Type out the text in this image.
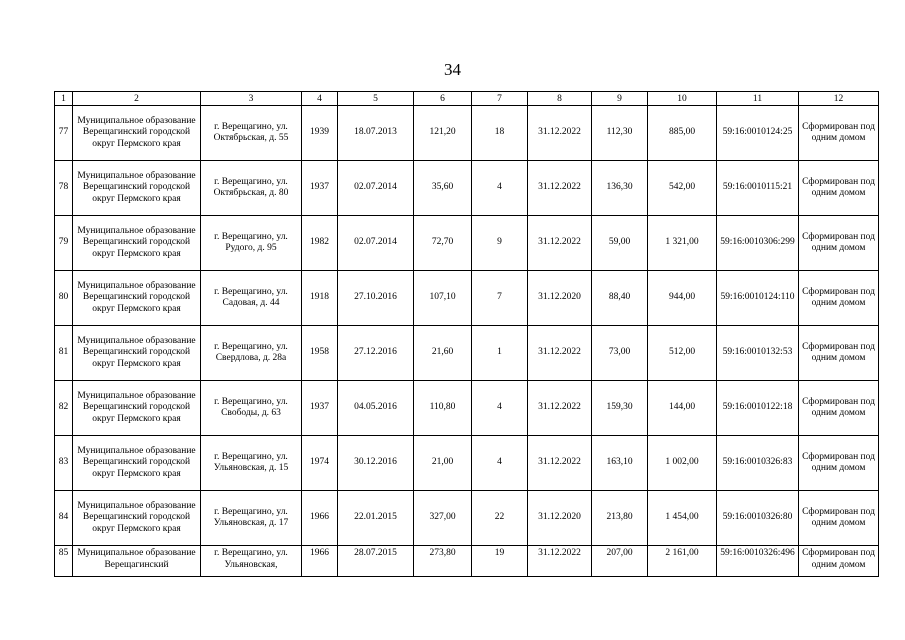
34
1	2	3	4	5	6	7	8	9	10	11	12
77	Муниципальное образование Верещагинский городской округ Пермского края	г. Верещагино, ул. Октябрьская, д. 55	1939	18.07.2013	121,20	18	31.12.2022	112,30	885,00	59:16:0010124:25	Сформирован под одним домом
78	Муниципальное образование Верещагинский городской округ Пермского края	г. Верещагино, ул. Октябрьская, д. 80	1937	02.07.2014	35,60	4	31.12.2022	136,30	542,00	59:16:0010115:21	Сформирован под одним домом
79	Муниципальное образование Верещагинский городской округ Пермского края	г. Верещагино, ул. Рудого, д. 95	1982	02.07.2014	72,70	9	31.12.2022	59,00	1 321,00	59:16:0010306:299	Сформирован под одним домом
80	Муниципальное образование Верещагинский городской округ Пермского края	г. Верещагино, ул. Садовая, д. 44	1918	27.10.2016	107,10	7	31.12.2020	88,40	944,00	59:16:0010124:110	Сформирован под одним домом
81	Муниципальное образование Верещагинский городской округ Пермского края	г. Верещагино, ул. Свердлова, д. 28а	1958	27.12.2016	21,60	1	31.12.2022	73,00	512,00	59:16:0010132:53	Сформирован под одним домом
82	Муниципальное образование Верещагинский городской округ Пермского края	г. Верещагино, ул. Свободы, д. 63	1937	04.05.2016	110,80	4	31.12.2022	159,30	144,00	59:16:0010122:18	Сформирован под одним домом
83	Муниципальное образование Верещагинский городской округ Пермского края	г. Верещагино, ул. Ульяновская, д. 15	1974	30.12.2016	21,00	4	31.12.2022	163,10	1 002,00	59:16:0010326:83	Сформирован под одним домом
84	Муниципальное образование Верещагинский городской округ Пермского края	г. Верещагино, ул. Ульяновская, д. 17	1966	22.01.2015	327,00	22	31.12.2020	213,80	1 454,00	59:16:0010326:80	Сформирован под одним домом
85	Муниципальное образование Верещагинский	г. Верещагино, ул. Ульяновская,	1966	28.07.2015	273,80	19	31.12.2022	207,00	2 161,00	59:16:0010326:496	Сформирован под одним домом
